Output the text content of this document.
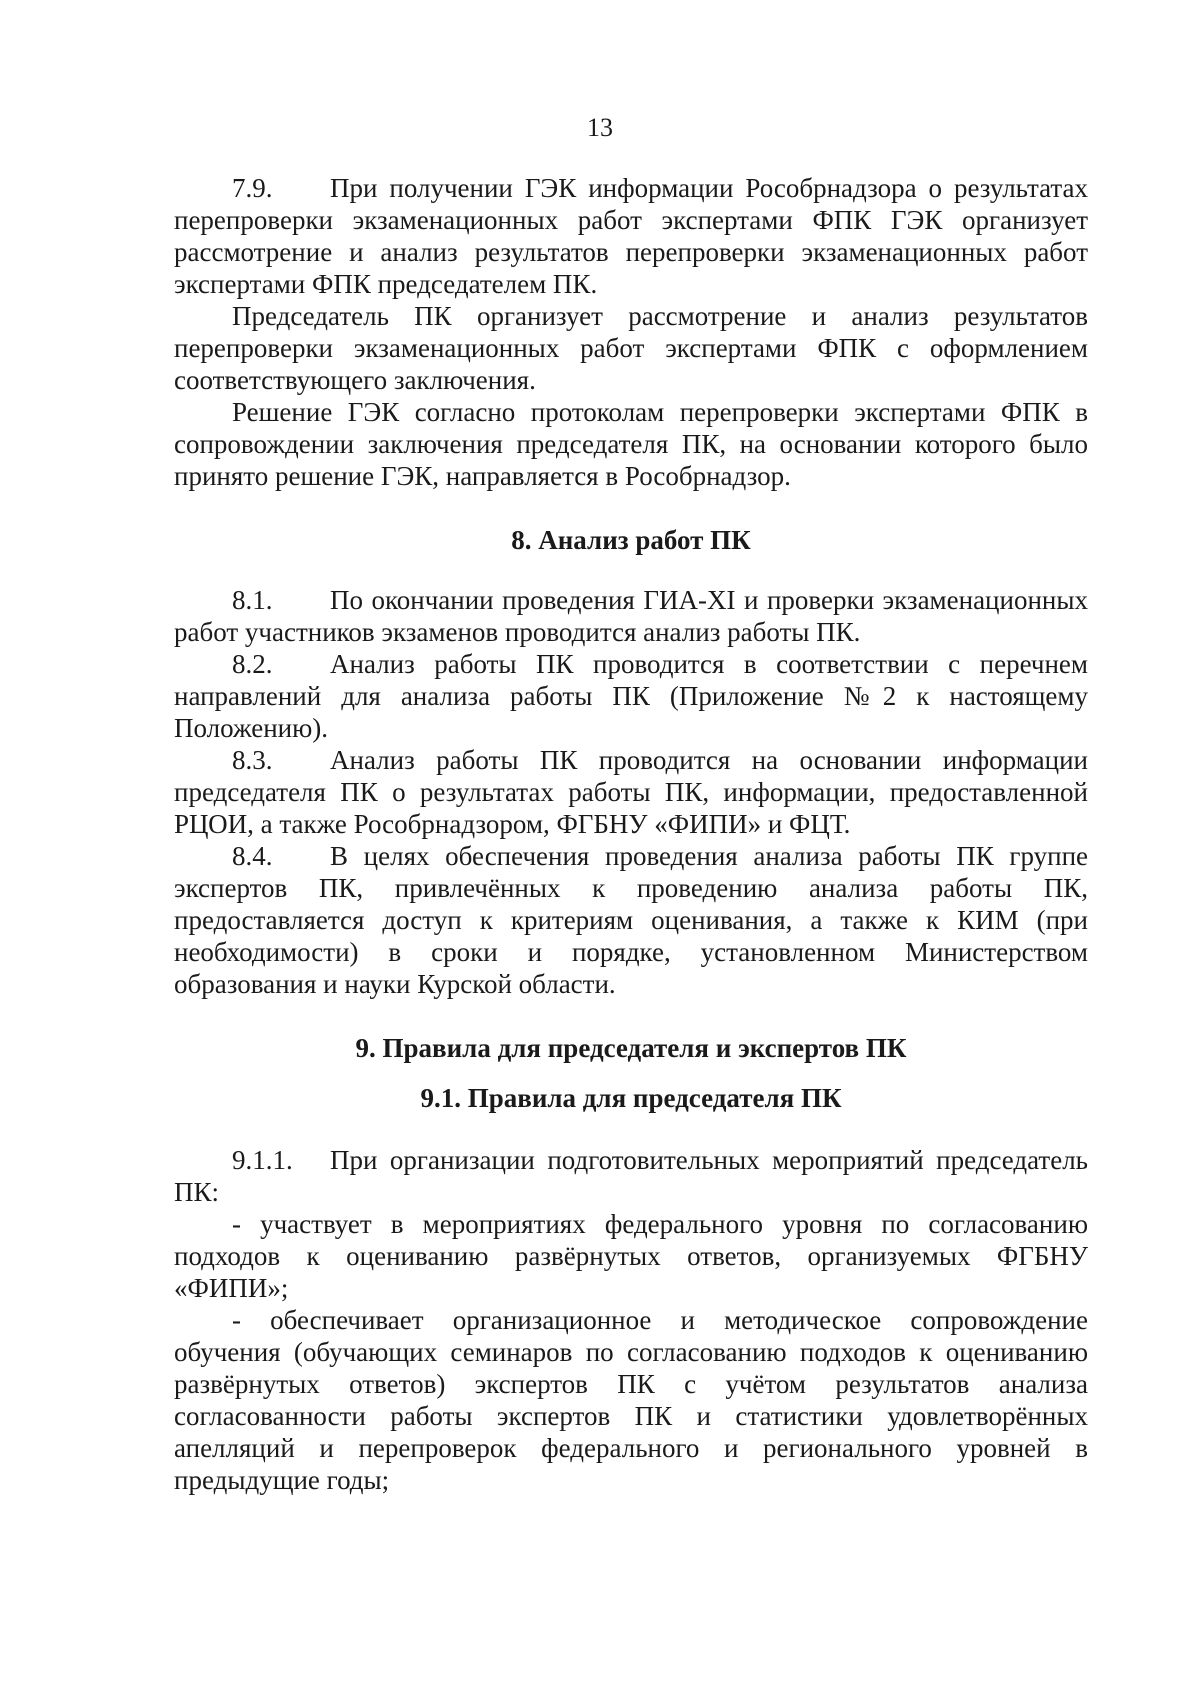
13

7.9. При получении ГЭК информации Рособрнадзора о результатах перепроверки экзаменационных работ экспертами ФПК ГЭК организует рассмотрение и анализ результатов перепроверки экзаменационных работ экспертами ФПК председателем ПК.

Председатель ПК организует рассмотрение и анализ результатов перепроверки экзаменационных работ экспертами ФПК с оформлением соответствующего заключения.

Решение ГЭК согласно протоколам перепроверки экспертами ФПК в сопровождении заключения председателя ПК, на основании которого было принято решение ГЭК, направляется в Рособрнадзор.

8. Анализ работ ПК

8.1. По окончании проведения ГИА-XI и проверки экзаменационных работ участников экзаменов проводится анализ работы ПК.

8.2. Анализ работы ПК проводится в соответствии с перечнем направлений для анализа работы ПК (Приложение №2 к настоящему Положению).

8.3. Анализ работы ПК проводится на основании информации председателя ПК о результатах работы ПК, информации, предоставленной РЦОИ, а также Рособрнадзором, ФГБНУ «ФИПИ» и ФЦТ.

8.4. В целях обеспечения проведения анализа работы ПК группе экспертов ПК, привлечённых к проведению анализа работы ПК, предоставляется доступ к критериям оценивания, а также к КИМ (при необходимости) в сроки и порядке, установленном Министерством образования и науки Курской области.

9. Правила для председателя и экспертов ПК

9.1. Правила для председателя ПК

9.1.1. При организации подготовительных мероприятий председатель ПК:

- участвует в мероприятиях федерального уровня по согласованию подходов к оцениванию развёрнутых ответов, организуемых ФГБНУ «ФИПИ»;

- обеспечивает организационное и методическое сопровождение обучения (обучающих семинаров по согласованию подходов к оцениванию развёрнутых ответов) экспертов ПК с учётом результатов анализа согласованности работы экспертов ПК и статистики удовлетворённых апелляций и перепроверок федерального и регионального уровней в предыдущие годы;
